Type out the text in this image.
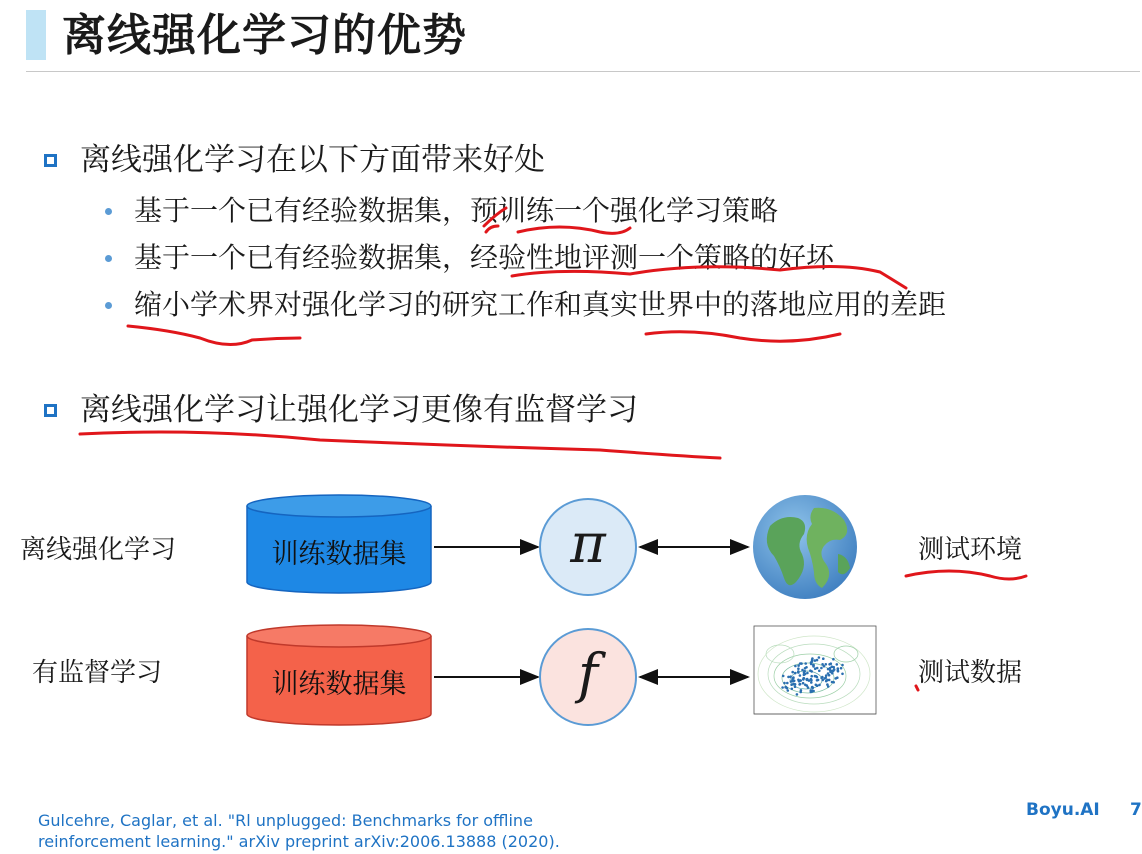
离线强化学习的优势
离线强化学习在以下方面带来好处
基于一个已有经验数据集，预训练一个强化学习策略
基于一个已有经验数据集，经验性地评测一个策略的好坏
缩小学术界对强化学习的研究工作和真实世界中的落地应用的差距
离线强化学习让强化学习更像有监督学习
离线强化学习	训练数据集	π	测试环境
有监督学习	训练数据集	f	测试数据
Gulcehre, Caglar, et al. "Rl unplugged: Benchmarks for offline reinforcement learning." arXiv preprint arXiv:2006.13888 (2020).
Boyu.AI 7
